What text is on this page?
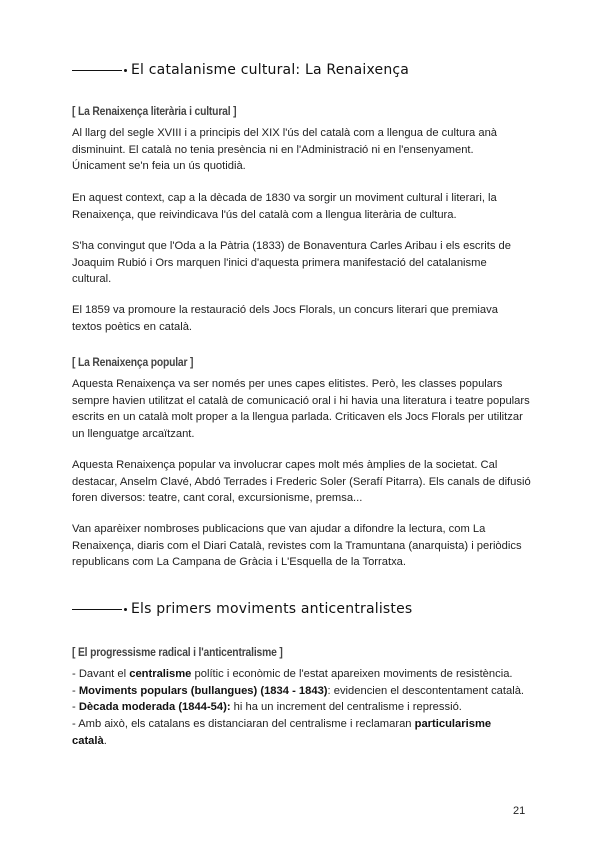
El catalanisme cultural: La Renaixença
[ La Renaixença literària i cultural ]
Al llarg del segle XVIII i a principis del XIX l'ús del català com a llengua de cultura anà
disminuint. El català no tenia presència ni en l'Administració ni en l'ensenyament.
Únicament se'n feia un ús quotidià.
En aquest context, cap a la dècada de 1830 va sorgir un moviment cultural i literari, la
Renaixença, que reivindicava l'ús del català com a llengua literària de cultura.
S'ha convingut que l'Oda a la Pàtria (1833) de Bonaventura Carles Aribau i els escrits de
Joaquim Rubió i Ors marquen l'inici d'aquesta primera manifestació del catalanisme
cultural.
El 1859 va promoure la restauració dels Jocs Florals, un concurs literari que premiava
textos poètics en català.
[ La Renaixença popular ]
Aquesta Renaixença va ser només per unes capes elitistes. Però, les classes populars
sempre havien utilitzat el català de comunicació oral i hi havia una literatura i teatre populars
escrits en un català molt proper a la llengua parlada. Criticaven els Jocs Florals per utilitzar
un llenguatge arcaïtzant.
Aquesta Renaixença popular va involucrar capes molt més àmplies de la societat. Cal
destacar, Anselm Clavé, Abdó Terrades i Frederic Soler (Serafí Pitarra). Els canals de difusió
foren diversos: teatre, cant coral, excursionisme, premsa...
Van aparèixer nombroses publicacions que van ajudar a difondre la lectura, com La
Renaixença, diaris com el Diari Català, revistes com la Tramuntana (anarquista) i periòdics
republicans com La Campana de Gràcia i L'Esquella de la Torratxa.
Els primers moviments anticentralistes
[ El progressisme radical i l'anticentralisme ]
- Davant el centralisme polític i econòmic de l'estat apareixen moviments de resistència.
- Moviments populars (bullangues) (1834 - 1843): evidencien el descontentament català.
- Dècada moderada (1844-54): hi ha un increment del centralisme i repressió.
- Amb això, els catalans es distanciaran del centralisme i reclamaran particularisme
català.
21
